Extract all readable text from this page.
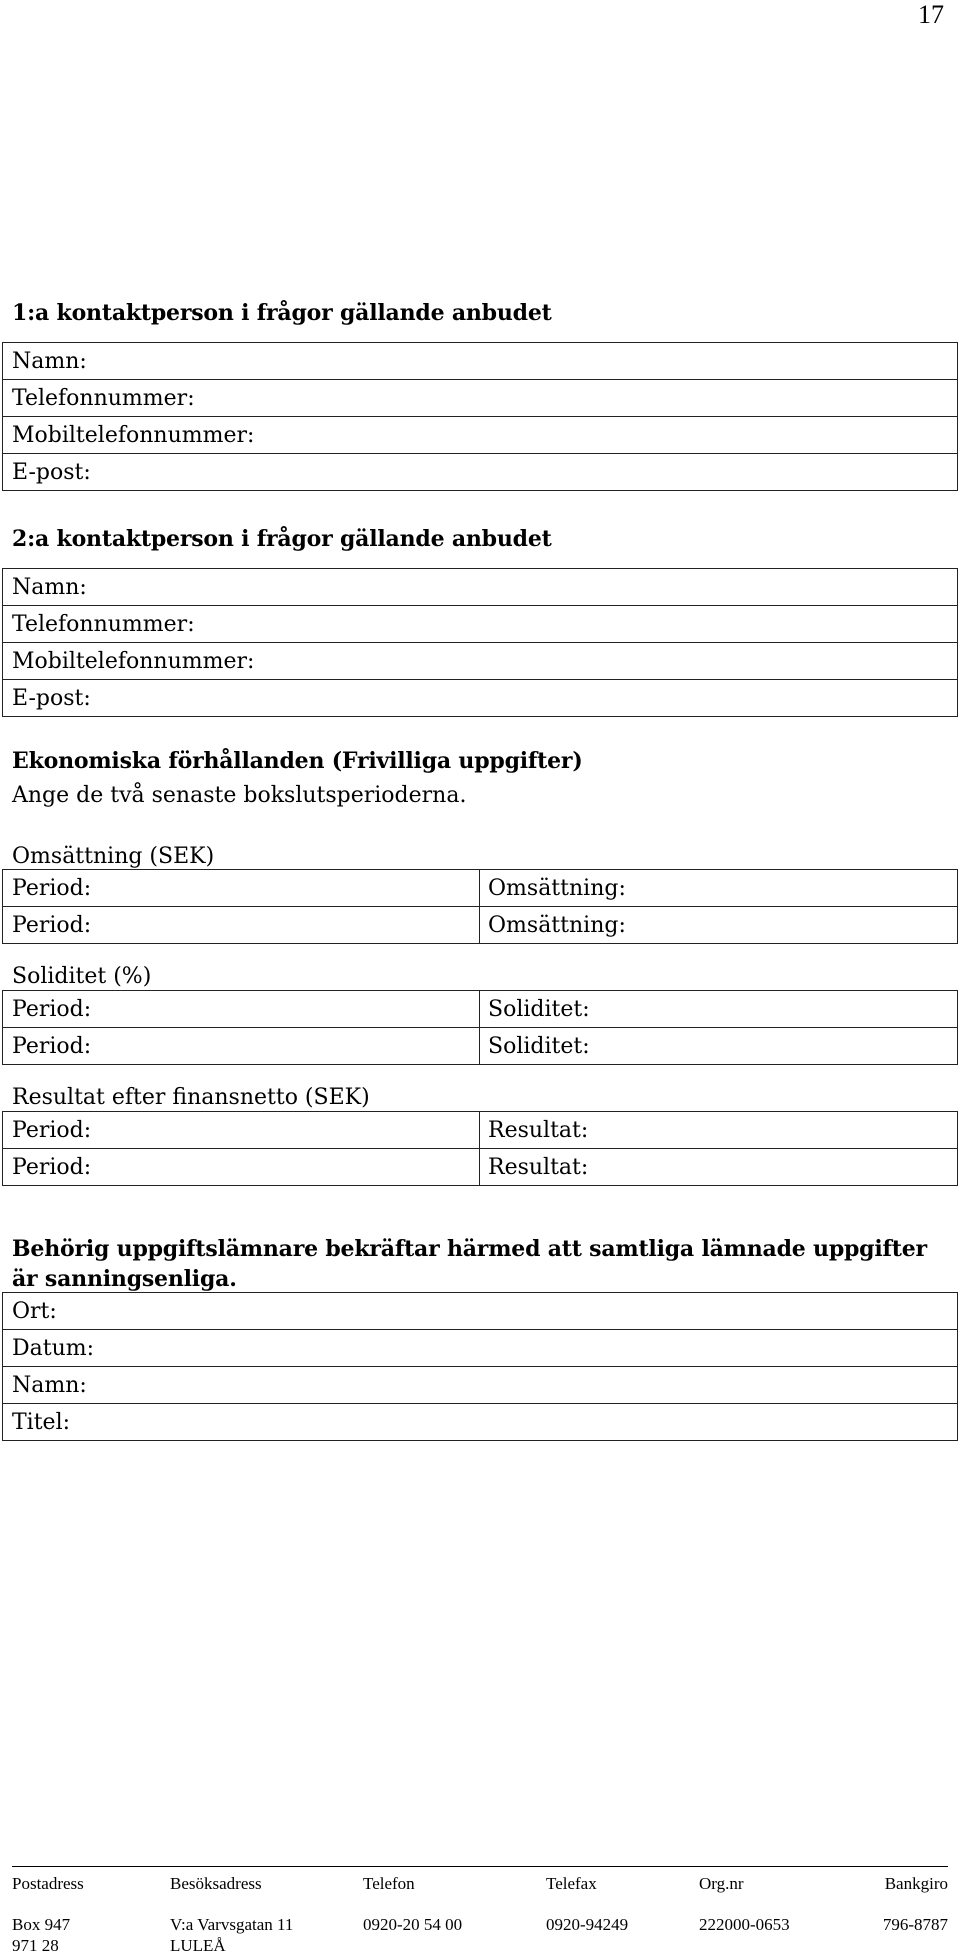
17
1:a kontaktperson i frågor gällande anbudet
Namn:
Telefonnummer:
Mobiltelefonnummer:
E-post:
2:a kontaktperson i frågor gällande anbudet
Namn:
Telefonnummer:
Mobiltelefonnummer:
E-post:
Ekonomiska förhållanden (Frivilliga uppgifter)
Ange de två senaste bokslutsperioderna.
Omsättning (SEK)
Period:	Omsättning:
Period:	Omsättning:
Soliditet (%)
Period:	Soliditet:
Period:	Soliditet:
Resultat efter finansnetto (SEK)
Period:	Resultat:
Period:	Resultat:
Behörig uppgiftslämnare bekräftar härmed att samtliga lämnade uppgifter
är sanningsenliga.
Ort:
Datum:
Namn:
Titel:
Postadress	Besöksadress	Telefon	Telefax	Org.nr	Bankgiro
Box 947
971 28
V:a Varvsgatan 11
LULEÅ
0920-20 54 00	0920-94249	222000-0653	796-8787
